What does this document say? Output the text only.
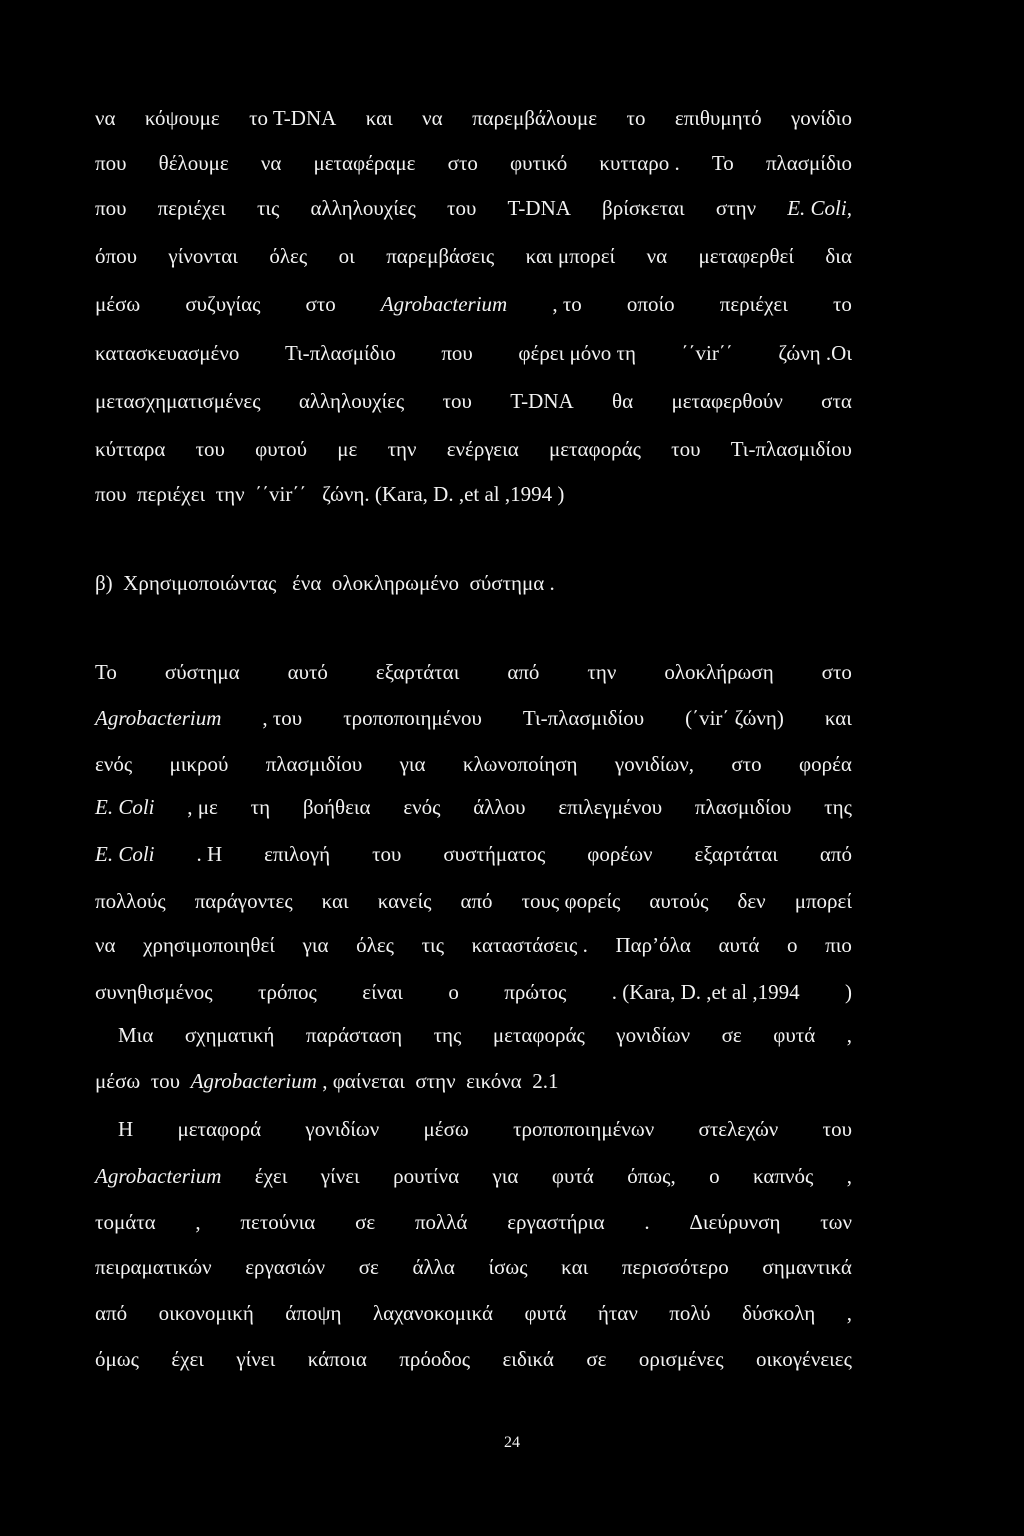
να κόψουμε το Τ-DNA και να παρεμβάλουμε το επιθυμητό γονίδιο
που θέλουμε να μεταφέραμε στο φυτικό κυτταρο . Το πλασμίδιο
που περιέχει τις αλληλουχίες του Τ-DNA βρίσκεται στην E. Coli,
όπου γίνονται όλες οι παρεμβάσεις και μπορεί να μεταφερθεί δια
μέσω συζυγίας στο Agrobacterium , το οποίο περιέχει το
κατασκευασμένο Τι-πλασμίδιο που φέρει μόνο τη ΄΄vir΄΄ ζώνη .Οι
μετασχηματισμένες αλληλουχίες του Τ-DNA θα μεταφερθούν στα
κύτταρα του φυτού με την ενέργεια μεταφοράς του Τι-πλασμιδίου
που  περιέχει  την  ΄΄vir΄΄   ζώνη. (Kara, D. ,et al ,1994 )
β)  Χρησιμοποιώντας   ένα  ολοκληρωμένο  σύστημα .
Το σύστημα αυτό εξαρτάται από την ολοκλήρωση στο
Agrobacterium , του τροποποιημένου Τι-πλασμιδίου (΄vir΄ ζώνη) και
ενός μικρού πλασμιδίου για κλωνοποίηση γονιδίων, στο φορέα
E. Coli , με τη βοήθεια ενός άλλου επιλεγμένου πλασμιδίου της
E. Coli . Η επιλογή του συστήματος φορέων εξαρτάται από
πολλούς παράγοντες και κανείς από τους φορείς αυτούς δεν μπορεί
να χρησιμοποιηθεί για όλες τις καταστάσεις . Παρ’όλα αυτά ο πιο
συνηθισμένος τρόπος είναι ο πρώτος . (Kara, D. ,et al ,1994 )
Μια σχηματική παράσταση της μεταφοράς γονιδίων σε φυτά ,
μέσω  του  Agrobacterium , φαίνεται  στην  εικόνα  2.1
Η μεταφορά γονιδίων μέσω τροποποιημένων στελεχών του
Agrobacterium έχει γίνει ρουτίνα για φυτά όπως, ο καπνός ,
τομάτα , πετούνια σε πολλά εργαστήρια . Διεύρυνση των
πειραματικών εργασιών σε άλλα ίσως και περισσότερο σημαντικά
από οικονομική άποψη λαχανοκομικά φυτά ήταν πολύ δύσκολη ,
όμως έχει γίνει κάποια πρόοδος ειδικά σε ορισμένες οικογένειες
24
